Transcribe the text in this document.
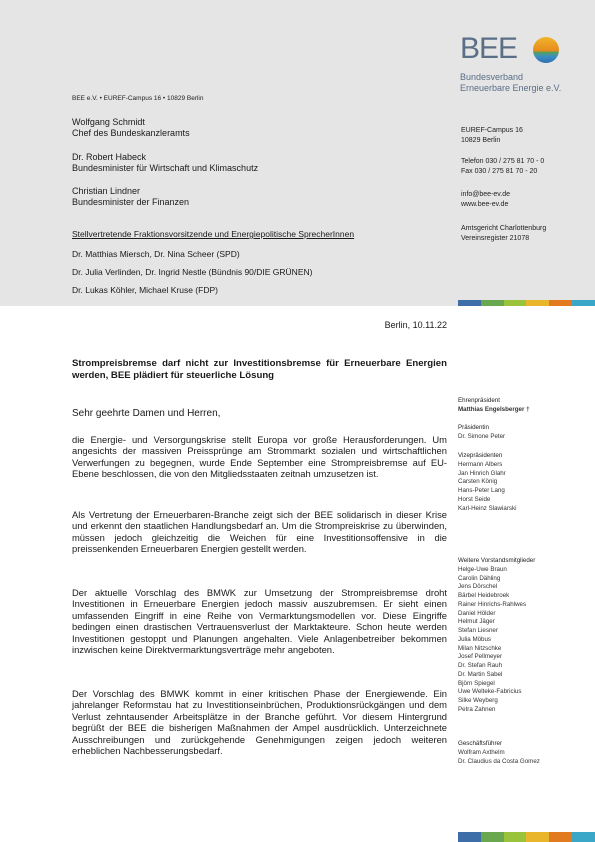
BEE
Bundesverband
Erneuerbare Energie e.V.
BEE e.V. • EUREF-Campus 16 • 10829 Berlin
Wolfgang Schmidt
Chef des Bundeskanzleramts
Dr. Robert Habeck
Bundesminister für Wirtschaft und Klimaschutz
Christian Lindner
Bundesminister der Finanzen
Stellvertretende Fraktionsvorsitzende und Energiepolitische SprecherInnen
Dr. Matthias Miersch, Dr. Nina Scheer (SPD)
Dr. Julia Verlinden, Dr. Ingrid Nestle (Bündnis 90/DIE GRÜNEN)
Dr. Lukas Köhler, Michael Kruse (FDP)
EUREF-Campus 16
10829 Berlin
Telefon 030 / 275 81 70 - 0
Fax 030 / 275 81 70 - 20
info@bee-ev.de
www.bee-ev.de
Amtsgericht Charlottenburg
Vereinsregister 21078
Berlin, 10.11.22
Strompreisbremse darf nicht zur Investitionsbremse für Erneuerbare Energien werden, BEE plädiert für steuerliche Lösung
Sehr geehrte Damen und Herren,
die Energie- und Versorgungskrise stellt Europa vor große Herausforderungen. Um angesichts der massiven Preissprünge am Strommarkt sozialen und wirtschaftlichen Verwerfungen zu begegnen, wurde Ende September eine Strompreisbremse auf EU-Ebene beschlossen, die von den Mitgliedsstaaten zeitnah umzusetzen ist.
Als Vertretung der Erneuerbaren-Branche zeigt sich der BEE solidarisch in dieser Krise und erkennt den staatlichen Handlungsbedarf an. Um die Strompreiskrise zu überwinden, müssen jedoch gleichzeitig die Weichen für eine Investitionsoffensive in die preissenkenden Erneuerbaren Energien gestellt werden.
Der aktuelle Vorschlag des BMWK zur Umsetzung der Strompreisbremse droht Investitionen in Erneuerbare Energien jedoch massiv auszubremsen. Er sieht einen umfassenden Eingriff in eine Reihe von Vermarktungsmodellen vor. Diese Eingriffe bedingen einen drastischen Vertrauensverlust der Marktakteure. Schon heute werden Investitionen gestoppt und Planungen angehalten. Viele Anlagenbetreiber bekommen inzwischen keine Direktvermarktungsverträge mehr angeboten.
Der Vorschlag des BMWK kommt in einer kritischen Phase der Energiewende. Ein jahrelanger Reformstau hat zu Investitionseinbrüchen, Produktionsrückgängen und dem Verlust zehntausender Arbeitsplätze in der Branche geführt. Vor diesem Hintergrund begrüßt der BEE die bisherigen Maßnahmen der Ampel ausdrücklich. Unterzeichnete Ausschreibungen und zurückgehende Genehmigungen zeigen jedoch weiteren erheblichen Nachbesserungsbedarf.
Ehrenpräsident
Matthias Engelsberger †
Präsidentin
Dr. Simone Peter
Vizepräsidenten
Hermann Albers
Jan Hinrich Glahr
Carsten König
Hans-Peter Lang
Horst Seide
Karl-Heinz Slawiarski
Weitere Vorstandsmitglieder
Helge-Uwe Braun
Carolin Dähling
Jens Dörschel
Bärbel Heidebroek
Rainer Hinrichs-Rahlwes
Daniel Hölder
Helmut Jäger
Stefan Liesner
Julia Möbus
Milan Nitzschke
Josef Pellmeyer
Dr. Stefan Rauh
Dr. Martin Sabel
Björn Spiegel
Uwe Welteke-Fabricius
Silke Weyberg
Petra Zahnen
Geschäftsführer
Wolfram Axthelm
Dr. Claudius da Costa Gomez
